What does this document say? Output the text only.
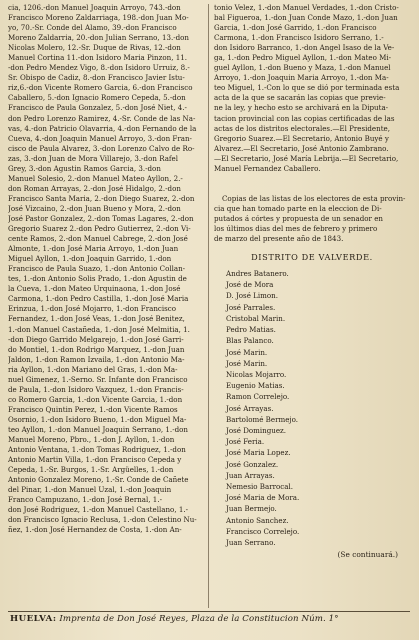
cia, 1206.-don Manuel Joaquin Arroyo, 743.-don
Francisco Moreno Zaldarriaga, 198.-don Juan Mo-
yo, 70.-Sr. Conde del Alamo, 39.-don Francisco
Moreno Zaldarria, 20.-don Julian Serrano, 13.-don
Nicolas Molero, 12.-Sr. Duque de Rivas, 12.-don
Manuel Cortina 11.-don Isidoro Maria Pinzon, 11.
-don Pedro Mendez Vigo, 8.-don Isidoro Urruiz, 8.-
Sr. Obispo de Cadiz, 8.-don Francisco Javier Istu-
riz,6.-don Vicente Romero Garcia, 6.-don Francisco
Caballero, 5.-don Ignacio Romero Cepeda, 5.-don
Francisco de Paula Gonzalez, 5.-don José Niet, 4.-
don Pedro Lorenzo Ramirez, 4.-Sr. Conde de las Na-
vas, 4.-don Patricio Olavarria, 4.-don Fernando de la
Cueva, 4.-don Joaquin Manuel Arroyo, 3.-don Fran-
cisco de Paula Alvarez, 3.-don Lorenzo Calvo de Ro-
zas, 3.-don Juan de Mora Villarejo, 3.-don Rafel
Grey, 3.-don Agustin Ramos Garcia, 3.-don
Manuel Solesio, 2.-don Manuel Mateo Ayllon, 2.-
don Roman Arrayas, 2.-don José Hidalgo, 2.-don
Francisco Santa Maria, 2.-don Diego Suarez, 2.-don
José Vizcaino, 2.-don Juan Bueno y Mora, 2.-don
José Pastor Gonzalez, 2.-don Tomas Lagares, 2.-don
Gregorio Suarez 2.-don Pedro Gutierrez, 2.-don Vi-
cente Ramos, 2.-don Manuel Cabrege, 2.-don José
Almonte, 1.-don José Maria Arroyo, 1.-don Juan
Miguel Ayllon, 1.-don Joaquin Garrido, 1.-don
Francisco de Paula Suazo, 1.-don Antonio Collan-
tes, 1.-don Antonio Solis Prado, 1.-don Agustin de
la Cueva, 1.-don Mateo Urquinaona, 1.-don José
Carmona, 1.-don Pedro Castilla, 1.-don José Maria
Erinzua, 1.-don José Mojarro, 1.-don Francisco
Fernandez, 1.-don José Veas, 1.-don José Benitez,
1.-don Manuel Castañeda, 1.-don José Melmitia, 1.
-don Diego Garrido Melgarejo, 1.-don José Garri-
do Montiel, 1.-don Rodrigo Marquez, 1.-don Juan
Jaldon, 1.-don Ramon Izvaila, 1.-don Antonio Ma-
ria Ayllon, 1.-don Mariano del Gras, 1.-don Ma-
nuel Gimenez, 1.-Serno. Sr. Infante don Francisco
de Paula, 1.-don Isidoro Vazquez, 1.-don Francis-
co Romero Garcia, 1.-don Vicente Garcia, 1.-don
Francisco Quintin Perez, 1.-don Vicente Ramos
Osornio, 1.-don Isidoro Bueno, 1.-don Miguel Ma-
teo Ayllon, 1.-don Manuel Joaquin Serrano, 1.-don
Manuel Moreno, Pbro., 1.-don J. Ayllon, 1.-don
Antonio Ventana, 1.-don Tomas Rodriguez, 1.-don
Antonio Martin Villa, 1.-don Francisco Cepeda y
Cepeda, 1.-Sr. Burgos, 1.-Sr. Argüelles, 1.-don
Antonio Gonzalez Moreno, 1.-Sr. Conde de Cañete
del Pinar, 1.-don Manuel Uzal, 1.-don Joaquin
Franco Campuzano, 1.-don José Bernal, 1.-
don José Rodriguez, 1.-don Manuel Castellano, 1.-
don Francisco Ignacio Reclusa, 1.-don Celestino Nu-
ñez, 1.-don José Hernandez de Costa, 1.-don An-
tonio Velez, 1.-don Manuel Verdades, 1.-don Cristo-
bal Figueroa, 1.-don Juan Conde Mazo, 1.-don Juan
Garcia, 1.-don José Garrido, 1.-don Francisco
Carmona, 1.-don Francisco Isidoro Serrano, 1.-
don Isidoro Barranco, 1.-don Angel Isaso de la Ve-
ga, 1.-don Pedro Miguel Ayllon, 1.-don Mateo Mi-
guel Ayllon, 1.-don Bueno y Maza, 1.-don Manuel
Arroyo, 1.-don Joaquin Maria Arroyo, 1.-don Ma-
teo Miguel, 1.-Con lo que se dió por terminada esta
acta de la que se sacarán las copias que previe-
ne la ley, y hecho esto se archivará en la Diputa-
tacion provincial con las copias certificadas de las
actas de los distritos electorales.—El Presidente,
Gregorio Suarez.—El Secretario, Antonio Buyé y
Alvarez.—El Secretario, José Antonio Zambrano.
—El Secretario, José María Lebrija.—El Secretario,
Manuel Fernandez Caballero.
Copias de las listas de los electores de esta provin-
cia que han tomado parte en la eleccion de Di-
putados á córtes y propuesta de un senador en
los últimos dias del mes de febrero y primero
de marzo del presente año de 1843.
DISTRITO DE VALVERDE.
Andres Batanero.
José de Mora
D. José Limon.
José Parrales.
Cristobal Marin.
Pedro Matias.
Blas Palanco.
José Marin.
José Marin.
Nicolas Mojarro.
Eugenio Matias.
Ramon Correlejo.
José Arrayas.
Bartolomé Bermejo.
José Dominguez.
José Feria.
José Maria Lopez.
José Gonzalez.
Juan Arrayas.
Nemesio Barrocal.
José Maria de Mora.
Juan Bermejo.
Antonio Sanchez.
Francisco Correlejo.
Juan Serrano.
(Se continuará.)
HUELVA: Imprenta de Don José Reyes, Plaza de la Constitucion Núm. 1°
